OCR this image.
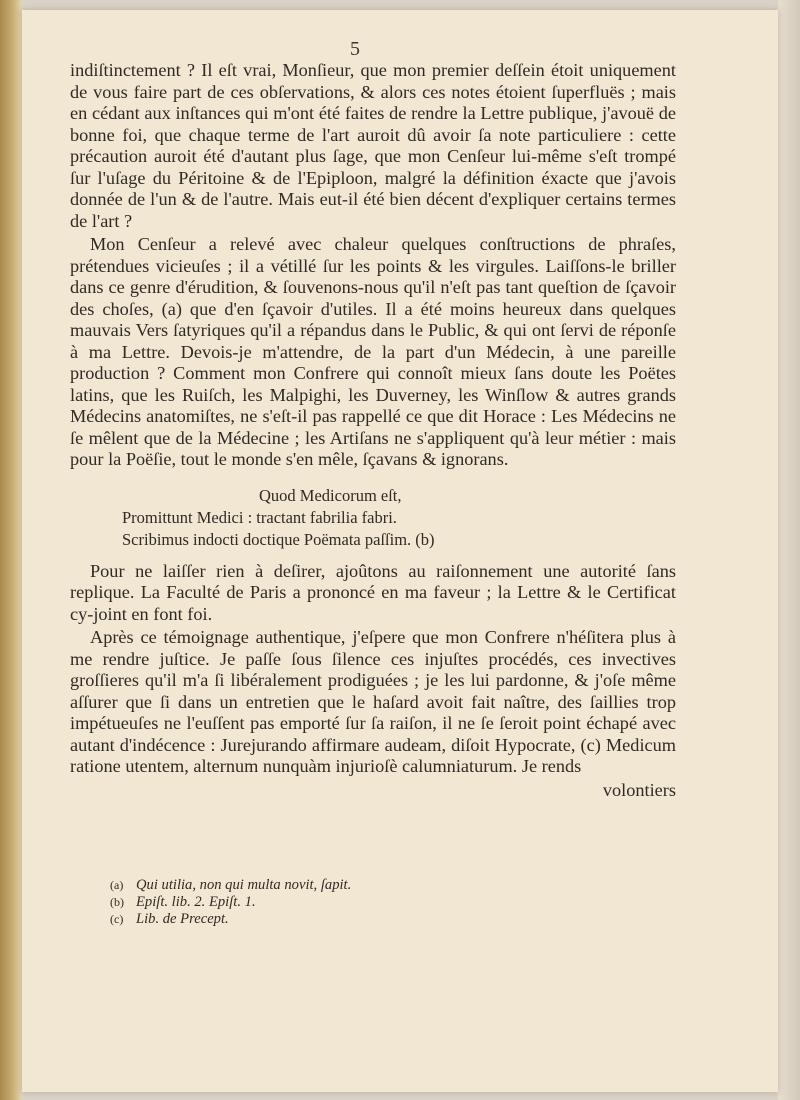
5

indiſtinctement ? Il eſt vrai, Monſieur, que mon premier deſſein étoit uniquement de vous faire part de ces obſervations, & alors ces notes étoient ſuperfluës ; mais en cédant aux inſtances qui m'ont été faites de rendre la Lettre publique, j'avouë de bonne foi, que chaque terme de l'art auroit dû avoir ſa note particuliere : cette précaution auroit été d'autant plus ſage, que mon Cenſeur lui-même s'eſt trompé ſur l'uſage du Péritoine & de l'Epiploon, malgré la définition éxacte que j'avois donnée de l'un & de l'autre. Mais eut-il été bien décent d'expliquer certains termes de l'art ?

Mon Cenſeur a relevé avec chaleur quelques conſtructions de phraſes, prétendues vicieuſes ; il a vétillé ſur les points & les virgules. Laiſſons-le briller dans ce genre d'érudition, & ſouvenons-nous qu'il n'eſt pas tant queſtion de ſçavoir des choſes, (a) que d'en ſçavoir d'utiles. Il a été moins heureux dans quelques mauvais Vers ſatyriques qu'il a répandus dans le Public, & qui ont ſervi de réponſe à ma Lettre. Devois-je m'attendre, de la part d'un Médecin, à une pareille production ? Comment mon Confrere qui connoît mieux ſans doute les Poëtes latins, que les Ruiſch, les Malpighi, les Duverney, les Winſlow & autres grands Médecins anatomiſtes, ne s'eſt-il pas rappellé ce que dit Horace : Les Médecins ne ſe mêlent que de la Médecine ; les Artiſans ne s'appliquent qu'à leur métier : mais pour la Poëſie, tout le monde s'en mêle, ſçavans & ignorans.

Quod Medicorum eſt,
Promittunt Medici : tractant fabrilia fabri.
Scribimus indocti doctique Poëmata paſſim. (b)

Pour ne laiſſer rien à deſirer, ajoûtons au raiſonnement une autorité ſans replique. La Faculté de Paris a prononcé en ma faveur ; la Lettre & le Certificat cy-joint en font foi.

Après ce témoignage authentique, j'eſpere que mon Confrere n'héſitera plus à me rendre juſtice. Je paſſe ſous ſilence ces injuſtes procédés, ces invectives groſſieres qu'il m'a ſi libéralement prodiguées ; je les lui pardonne, & j'oſe même aſſurer que ſi dans un entretien que le haſard avoit fait naître, des ſaillies trop impétueuſes ne l'euſſent pas emporté ſur ſa raiſon, il ne ſe ſeroit point échapé avec autant d'indécence : Jurejurando affirmare audeam, diſoit Hypocrate, (c) Medicum ratione utentem, alternum nunquàm injurioſè calumniaturum. Je rends

volontiers
(a) Qui utilia, non qui multa novit, ſapit.
(b) Epiſt. lib. 2. Epiſt. 1.
(c) Lib. de Precept.
